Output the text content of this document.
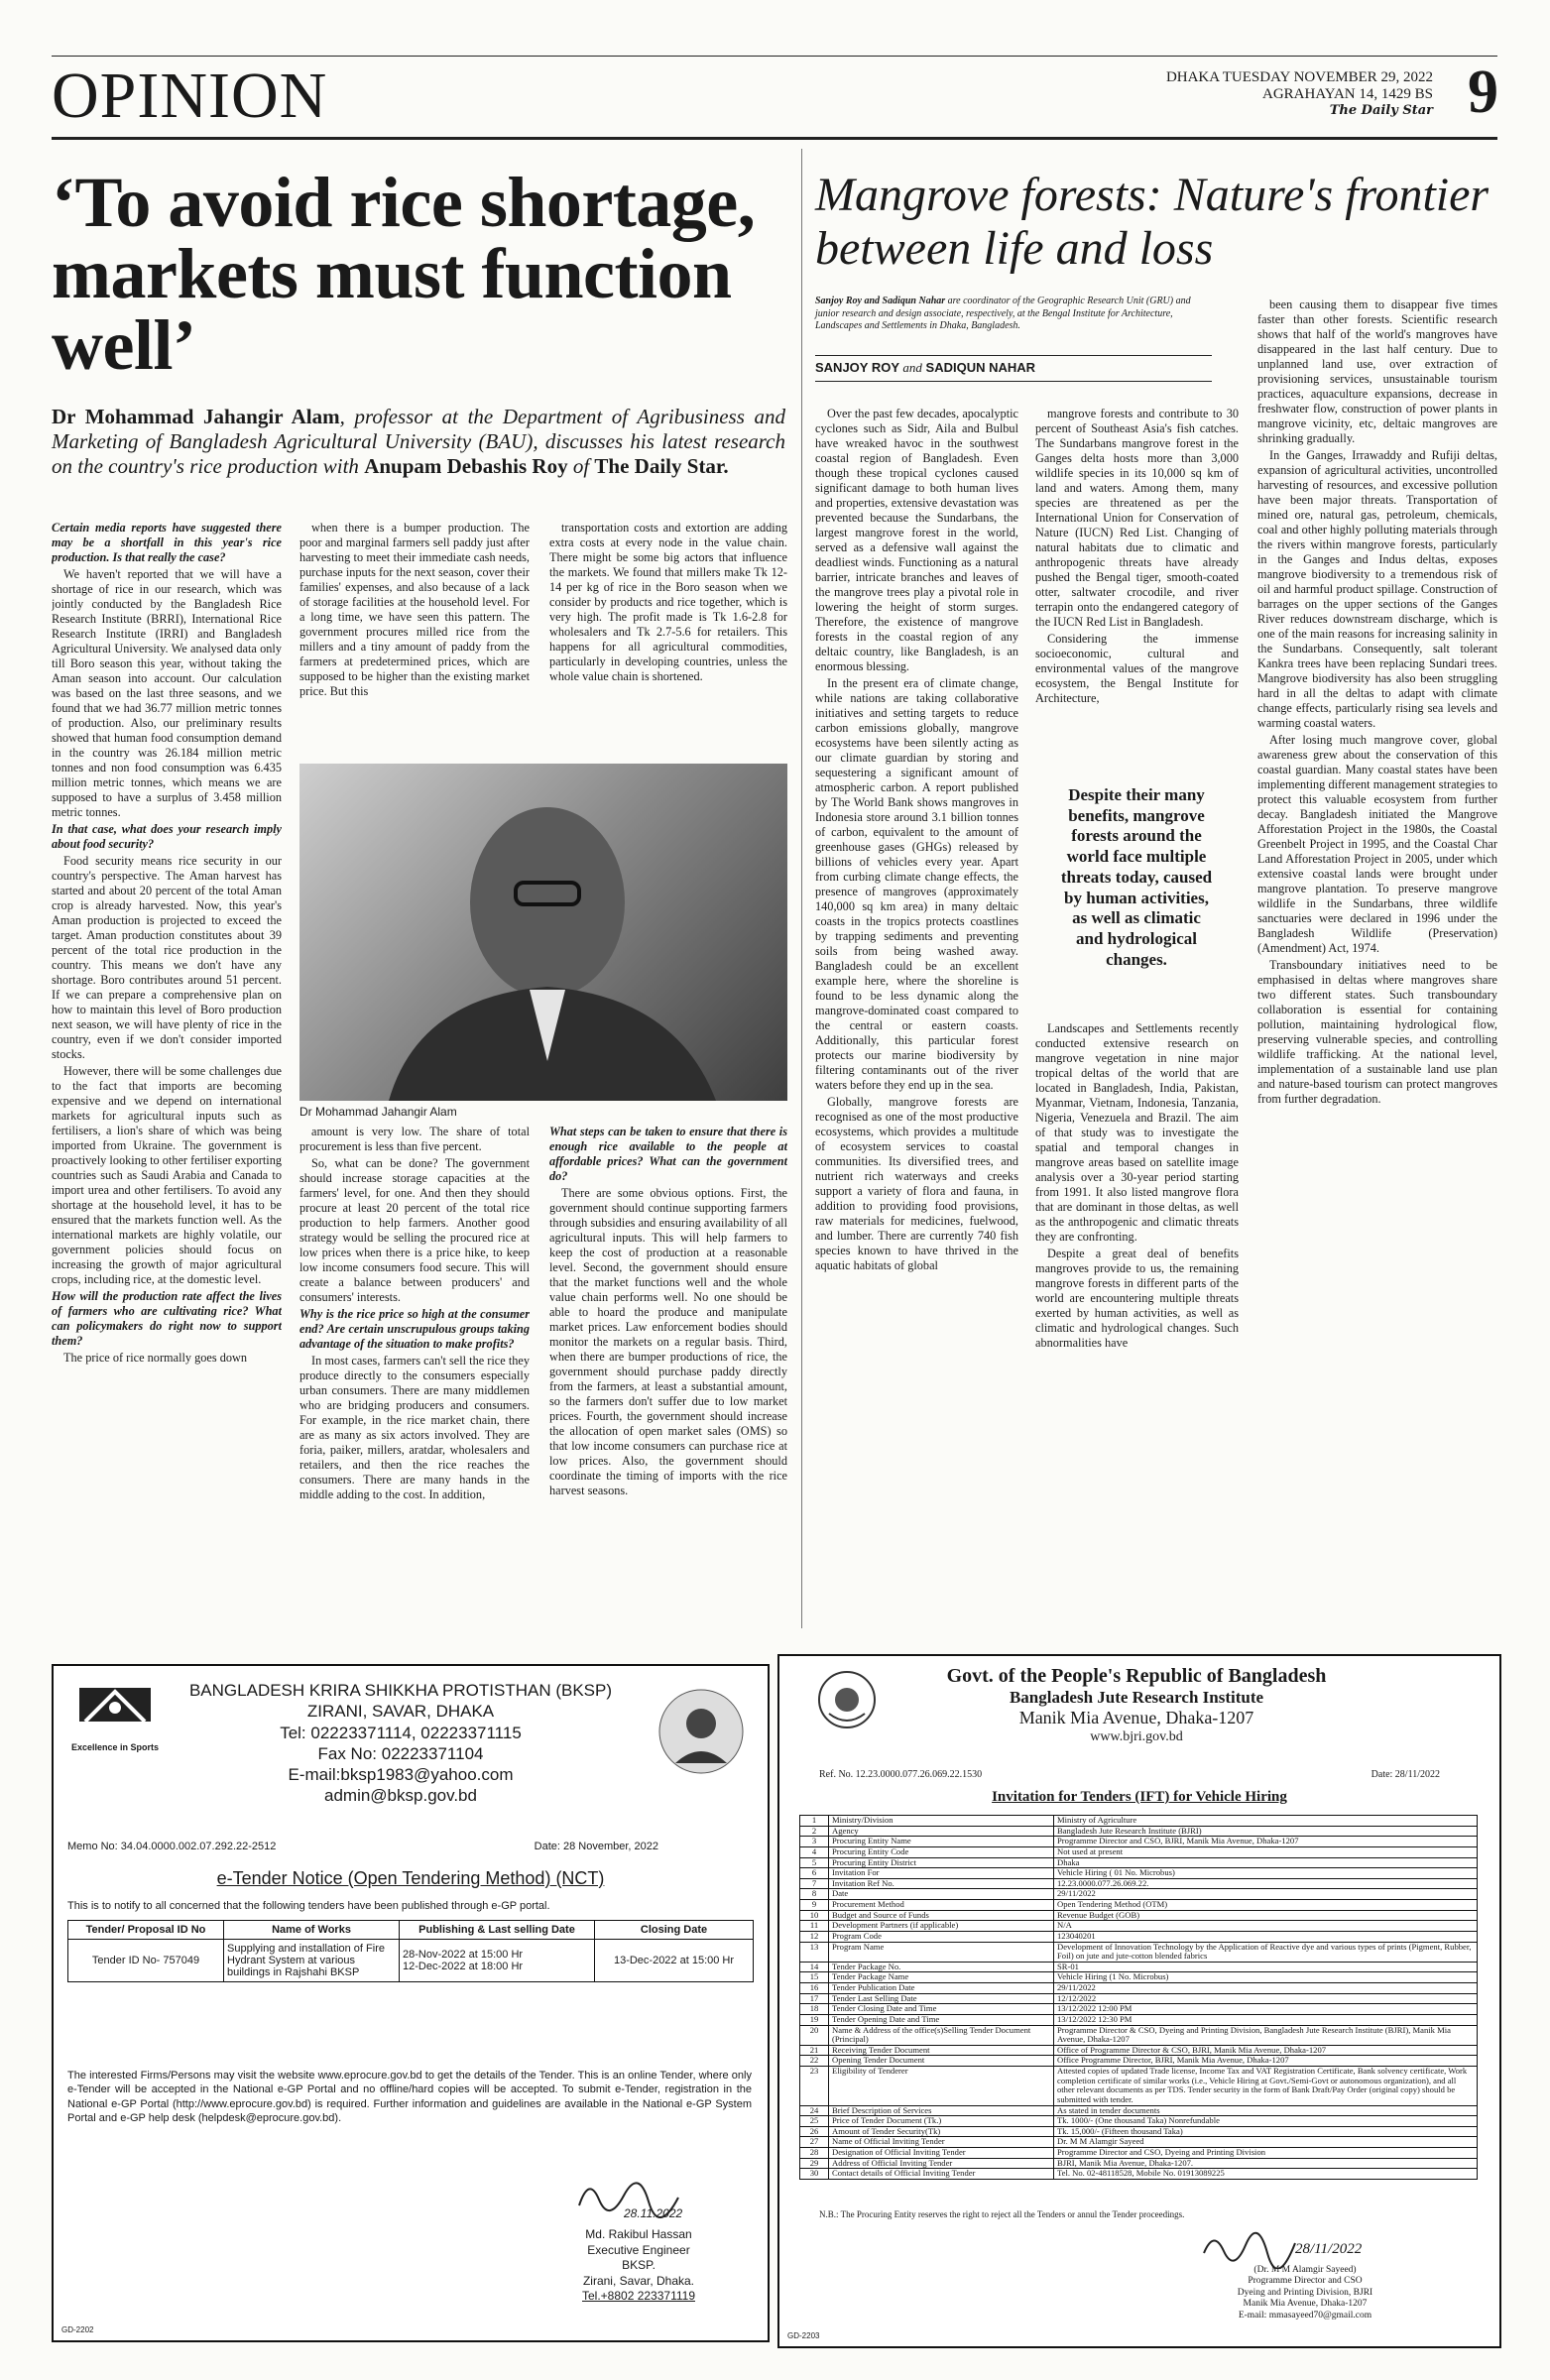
OPINION	DHAKA TUESDAY NOVEMBER 29, 2022
AGRAHAYAN 14, 1429 BS
The Daily Star 9
‘To avoid rice shortage, markets must function well’
Dr Mohammad Jahangir Alam, professor at the Department of Agribusiness and Marketing of Bangladesh Agricultural University (BAU), discusses his latest research on the country's rice production with Anupam Debashis Roy of The Daily Star.

Certain media reports have suggested there may be a shortfall in this year's rice production. Is that really the case?

We haven't reported that we will have a shortage of rice in our research, which was jointly conducted by the Bangladesh Rice Research Institute (BRRI), International Rice Research Institute (IRRI) and Bangladesh Agricultural University. We analysed data only till Boro season this year, without taking the Aman season into account. Our calculation was based on the last three seasons, and we found that we had 36.77 million metric tonnes of production. Also, our preliminary results showed that human food consumption demand in the country was 26.184 million metric tonnes and non food consumption was 6.435 million metric tonnes, which means we are supposed to have a surplus of 3.458 million metric tonnes.

In that case, what does your research imply about food security?

Food security means rice security in our country's perspective. The Aman harvest has started and about 20 percent of the total Aman crop is already harvested. Now, this year's Aman production is projected to exceed the target. Aman production constitutes about 39 percent of the total rice production in the country. This means we don't have any shortage. Boro contributes around 51 percent. If we can prepare a comprehensive plan on how to maintain this level of Boro production next season, we will have plenty of rice in the country, even if we don't consider imported stocks.

However, there will be some challenges due to the fact that imports are becoming expensive and we depend on international markets for agricultural inputs such as fertilisers, a lion's share of which was being imported from Ukraine. The government is proactively looking to other fertiliser exporting countries such as Saudi Arabia and Canada to import urea and other fertilisers. To avoid any shortage at the household level, it has to be ensured that the markets function well. As the international markets are highly volatile, our government policies should focus on increasing the growth of major agricultural crops, including rice, at the domestic level.

How will the production rate affect the lives of farmers who are cultivating rice? What can policymakers do right now to support them?

The price of rice normally goes down

when there is a bumper production. The poor and marginal farmers sell paddy just after harvesting to meet their immediate cash needs, purchase inputs for the next season, cover their families' expenses, and also because of a lack of storage facilities at the household level. For a long time, we have seen this pattern. The government procures milled rice from the millers and a tiny amount of paddy from the farmers at predetermined prices, which are supposed to be higher than the existing market price. But this

transportation costs and extortion are adding extra costs at every node in the value chain. There might be some big actors that influence the markets. We found that millers make Tk 12-14 per kg of rice in the Boro season when we consider by products and rice together, which is very high. The profit made is Tk 1.6-2.8 for wholesalers and Tk 2.7-5.6 for retailers. This happens for all agricultural commodities, particularly in developing countries, unless the whole value chain is shortened.

Dr Mohammad Jahangir Alam

amount is very low. The share of total procurement is less than five percent.

So, what can be done? The government should increase storage capacities at the farmers' level, for one. And then they should procure at least 20 percent of the total rice production to help farmers. Another good strategy would be selling the procured rice at low prices when there is a price hike, to keep low income consumers food secure. This will create a balance between producers' and consumers' interests.

Why is the rice price so high at the consumer end? Are certain unscrupulous groups taking advantage of the situation to make profits?

In most cases, farmers can't sell the rice they produce directly to the consumers especially urban consumers. There are many middlemen who are bridging producers and consumers. For example, in the rice market chain, there are as many as six actors involved. They are foria, paiker, millers, aratdar, wholesalers and retailers, and then the rice reaches the consumers. There are many hands in the middle adding to the cost. In addition,

What steps can be taken to ensure that there is enough rice available to the people at affordable prices? What can the government do?

There are some obvious options. First, the government should continue supporting farmers through subsidies and ensuring availability of all agricultural inputs. This will help farmers to keep the cost of production at a reasonable level. Second, the government should ensure that the market functions well and the whole value chain performs well. No one should be able to hoard the produce and manipulate market prices. Law enforcement bodies should monitor the markets on a regular basis. Third, when there are bumper productions of rice, the government should purchase paddy directly from the farmers, at least a substantial amount, so the farmers don't suffer due to low market prices. Fourth, the government should increase the allocation of open market sales (OMS) so that low income consumers can purchase rice at low prices. Also, the government should coordinate the timing of imports with the rice harvest seasons.

Mangrove forests: Nature's frontier between life and loss
Sanjoy Roy and Sadiqun Nahar are coordinator of the Geographic Research Unit (GRU) and junior research and design associate, respectively, at the Bengal Institute for Architecture, Landscapes and Settlements in Dhaka, Bangladesh.
SANJOY ROY and SADIQUN NAHAR

Over the past few decades, apocalyptic cyclones such as Sidr, Aila and Bulbul have wreaked havoc in the southwest coastal region of Bangladesh. Even though these tropical cyclones caused significant damage to both human lives and properties, extensive devastation was prevented because the Sundarbans, the largest mangrove forest in the world, served as a defensive wall against the deadliest winds. Functioning as a natural barrier, intricate branches and leaves of the mangrove trees play a pivotal role in lowering the height of storm surges. Therefore, the existence of mangrove forests in the coastal region of any deltaic country, like Bangladesh, is an enormous blessing.

In the present era of climate change, while nations are taking collaborative initiatives and setting targets to reduce carbon emissions globally, mangrove ecosystems have been silently acting as our climate guardian by storing and sequestering a significant amount of atmospheric carbon. A report published by The World Bank shows mangroves in Indonesia store around 3.1 billion tonnes of carbon, equivalent to the amount of greenhouse gases (GHGs) released by billions of vehicles every year. Apart from curbing climate change effects, the presence of mangroves (approximately 140,000 sq km area) in many deltaic coasts in the tropics protects coastlines by trapping sediments and preventing soils from being washed away. Bangladesh could be an excellent example here, where the shoreline is found to be less dynamic along the mangrove-dominated coast compared to the central or eastern coasts. Additionally, this particular forest protects our marine biodiversity by filtering contaminants out of the river waters before they end up in the sea.

Globally, mangrove forests are recognised as one of the most productive ecosystems, which provides a multitude of ecosystem services to coastal communities. Its diversified trees, and nutrient rich waterways and creeks support a variety of flora and fauna, in addition to providing food provisions, raw materials for medicines, fuelwood, and lumber. There are currently 740 fish species known to have thrived in the aquatic habitats of global

mangrove forests and contribute to 30 percent of Southeast Asia's fish catches. The Sundarbans mangrove forest in the Ganges delta hosts more than 3,000 wildlife species in its 10,000 sq km of land and waters. Among them, many species are threatened as per the International Union for Conservation of Nature (IUCN) Red List. Changing of natural habitats due to climatic and anthropogenic threats have already pushed the Bengal tiger, smooth-coated otter, saltwater crocodile, and river terrapin onto the endangered category of the IUCN Red List in Bangladesh.

Considering the immense socioeconomic, cultural and environmental values of the mangrove ecosystem, the Bengal Institute for Architecture,

Despite their many benefits, mangrove forests around the world face multiple threats today, caused by human activities, as well as climatic and hydrological changes.

Landscapes and Settlements recently conducted extensive research on mangrove vegetation in nine major tropical deltas of the world that are located in Bangladesh, India, Pakistan, Myanmar, Vietnam, Indonesia, Tanzania, Nigeria, Venezuela and Brazil. The aim of that study was to investigate the spatial and temporal changes in mangrove areas based on satellite image analysis over a 30-year period starting from 1991. It also listed mangrove flora that are dominant in those deltas, as well as the anthropogenic and climatic threats they are confronting.

Despite a great deal of benefits mangroves provide to us, the remaining mangrove forests in different parts of the world are encountering multiple threats exerted by human activities, as well as climatic and hydrological changes. Such abnormalities have

been causing them to disappear five times faster than other forests. Scientific research shows that half of the world's mangroves have disappeared in the last half century. Due to unplanned land use, over extraction of provisioning services, unsustainable tourism practices, aquaculture expansions, decrease in freshwater flow, construction of power plants in mangrove vicinity, etc, deltaic mangroves are shrinking gradually.

In the Ganges, Irrawaddy and Rufiji deltas, expansion of agricultural activities, uncontrolled harvesting of resources, and excessive pollution have been major threats. Transportation of mined ore, natural gas, petroleum, chemicals, coal and other highly polluting materials through the rivers within mangrove forests, particularly in the Ganges and Indus deltas, exposes mangrove biodiversity to a tremendous risk of oil and harmful product spillage. Construction of barrages on the upper sections of the Ganges River reduces downstream discharge, which is one of the main reasons for increasing salinity in the Sundarbans. Consequently, salt tolerant Kankra trees have been replacing Sundari trees. Mangrove biodiversity has also been struggling hard in all the deltas to adapt with climate change effects, particularly rising sea levels and warming coastal waters.

After losing much mangrove cover, global awareness grew about the conservation of this coastal guardian. Many coastal states have been implementing different management strategies to protect this valuable ecosystem from further decay. Bangladesh initiated the Mangrove Afforestation Project in the 1980s, the Coastal Greenbelt Project in 1995, and the Coastal Char Land Afforestation Project in 2005, under which extensive coastal lands were brought under mangrove plantation. To preserve mangrove wildlife in the Sundarbans, three wildlife sanctuaries were declared in 1996 under the Bangladesh Wildlife (Preservation) (Amendment) Act, 1974.

Transboundary initiatives need to be emphasised in deltas where mangroves share two different states. Such transboundary collaboration is essential for containing pollution, maintaining hydrological flow, preserving vulnerable species, and controlling wildlife trafficking. At the national level, implementation of a sustainable land use plan and nature-based tourism can protect mangroves from further degradation.

Excellence in Sports
BANGLADESH KRIRA SHIKKHA PROTISTHAN (BKSP)
ZIRANI, SAVAR, DHAKA
Tel: 02223371114, 02223371115
Fax No: 02223371104
E-mail:bksp1983@yahoo.com
admin@bksp.gov.bd
Memo No: 34.04.0000.002.07.292.22-2512	Date: 28 November, 2022
e-Tender Notice (Open Tendering Method) (NCT)
This is to notify to all concerned that the following tenders have been published through e-GP portal.
Tender/ Proposal ID No	Name of Works	Publishing & Last selling Date	Closing Date
Tender ID No- 757049	Supplying and installation of Fire Hydrant System at various buildings in Rajshahi BKSP	28-Nov-2022 at 15:00 Hr
12-Dec-2022 at 18:00 Hr	13-Dec-2022 at 15:00 Hr
The interested Firms/Persons may visit the website www.eprocure.gov.bd to get the details of the Tender. This is an online Tender, where only e-Tender will be accepted in the National e-GP Portal and no offline/hard copies will be accepted. To submit e-Tender, registration in the National e-GP Portal (http://www.eprocure.gov.bd) is required. Further information and guidelines are available in the National e-GP System Portal and e-GP help desk (helpdesk@eprocure.gov.bd).
28.11.2022
Md. Rakibul Hassan
Executive Engineer
BKSP.
Zirani, Savar, Dhaka.
Tel.+8802 223371119
GD-2202
Govt. of the People's Republic of Bangladesh
Bangladesh Jute Research Institute
Manik Mia Avenue, Dhaka-1207
www.bjri.gov.bd
Ref. No. 12.23.0000.077.26.069.22.1530	Date: 28/11/2022
Invitation for Tenders (IFT) for Vehicle Hiring
1	Ministry/Division	Ministry of Agriculture
2	Agency	Bangladesh Jute Research Institute (BJRI)
3	Procuring Entity Name	Programme Director and CSO, BJRI, Manik Mia Avenue, Dhaka-1207
4	Procuring Entity Code	Not used at present
5	Procuring Entity District	Dhaka
6	Invitation For	Vehicle Hiring ( 01 No. Microbus)
7	Invitation Ref No.	12.23.0000.077.26.069.22.
8	Date	29/11/2022
9	Procurement Method	Open Tendering Method (OTM)
10	Budget and Source of Funds	Revenue Budget (GOB)
11	Development Partners (if applicable)	N/A
12	Program Code	123040201
13	Program Name	Development of Innovation Technology by the Application of Reactive dye and various types of prints (Pigment, Rubber, Foil) on jute and jute-cotton blended fabrics
14	Tender Package No.	SR-01
15	Tender Package Name	Vehicle Hiring (1 No. Microbus)
16	Tender Publication Date	29/11/2022
17	Tender Last Selling Date	12/12/2022
18	Tender Closing Date and Time	13/12/2022 12:00 PM
19	Tender Opening Date and Time	13/12/2022 12:30 PM
20	Name & Address of the office(s)Selling Tender Document (Principal)	Programme Director & CSO, Dyeing and Printing Division, Bangladesh Jute Research Institute (BJRI), Manik Mia Avenue, Dhaka-1207
21	Receiving Tender Document	Office of Programme Director & CSO, BJRI, Manik Mia Avenue, Dhaka-1207
22	Opening Tender Document	Office Programme Director, BJRI, Manik Mia Avenue, Dhaka-1207
23	Eligibility of Tenderer	Attested copies of updated Trade license, Income Tax and VAT Registration Certificate, Bank solvency certificate, Work completion certificate of similar works (i.e., Vehicle Hiring at Govt./Semi-Govt or autonomous organization), and all other relevant documents as per TDS. Tender security in the form of Bank Draft/Pay Order (original copy) should be submitted with tender.
24	Brief Description of Services	As stated in tender documents
25	Price of Tender Document (Tk.)	Tk. 1000/- (One thousand Taka) Nonrefundable
26	Amount of Tender Security(Tk)	Tk. 15,000/- (Fifteen thousand Taka)
27	Name of Official Inviting Tender	Dr. M M Alamgir Sayeed
28	Designation of Official Inviting Tender	Programme Director and CSO, Dyeing and Printing Division
29	Address of Official Inviting Tender	BJRI, Manik Mia Avenue, Dhaka-1207.
30	Contact details of Official Inviting Tender	Tel. No. 02-48118528, Mobile No. 01913089225
N.B.: The Procuring Entity reserves the right to reject all the Tenders or annul the Tender proceedings.
28/11/2022
(Dr. M M Alamgir Sayeed)
Programme Director and CSO
Dyeing and Printing Division, BJRI
Manik Mia Avenue, Dhaka-1207
E-mail: mmasayeed70@gmail.com
GD-2203
